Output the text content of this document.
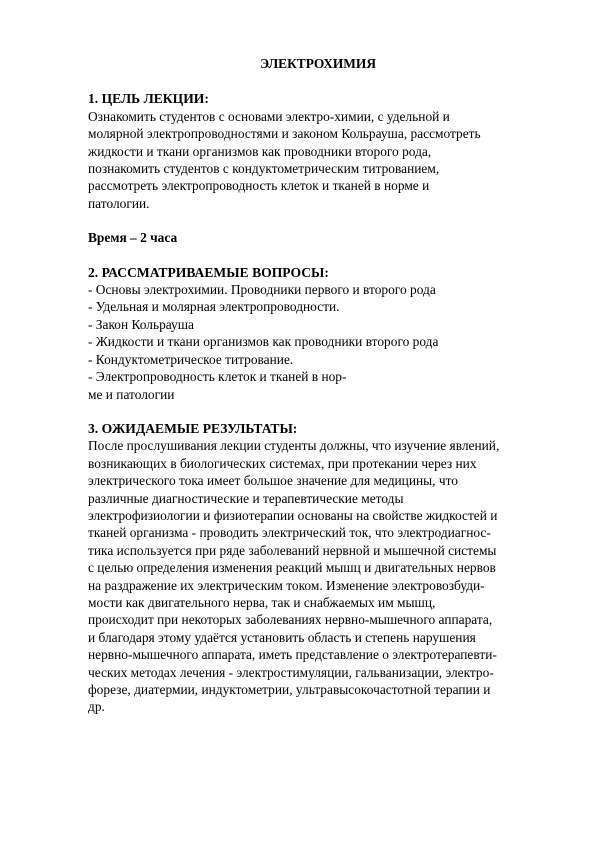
ЭЛЕКТРОХИМИЯ
1. ЦЕЛЬ ЛЕКЦИИ:
Ознакомить студентов с основами электро-химии, с удельной и
молярной электропроводностями и законом Кольрауша, рассмотреть
жидкости и ткани организмов как проводники второго рода,
познакомить студентов с кондуктометрическим титрованием,
рассмотреть электропроводность клеток и тканей в норме и
патологии.
Время – 2 часа
2. РАССМАТРИВАЕМЫЕ ВОПРОСЫ:
- Основы электрохимии. Проводники первого и второго рода
- Удельная и молярная электропроводности.
- Закон Кольрауша
- Жидкости и ткани организмов как проводники второго рода
- Кондуктометрическое титрование.
- Электропроводность клеток и тканей в нор-
ме и патологии
3. ОЖИДАЕМЫЕ РЕЗУЛЬТАТЫ:
После прослушивания лекции студенты должны, что изучение явлений,
возникающих в биологических системах, при протекании через них
электрического тока имеет большое значение для медицины, что
различные диагностические и терапевтические методы
электрофизиологии и физиотерапии основаны на свойстве жидкостей и
тканей организма - проводить электрический ток, что электродиагнос-
тика используется при ряде заболеваний нервной и мышечной системы
с целью определения изменения реакций мышц и двигательных нервов
на раздражение их электрическим током. Изменение электровозбуди-
мости как двигательного нерва, так и снабжаемых им мышц,
происходит при некоторых заболеваниях нервно-мышечного аппарата,
и благодаря этому удаётся установить область и степень нарушения
нервно-мышечного аппарата, иметь представление о электротерапевти-
ческих методах лечения - электростимуляции, гальванизации, электро-
форезе, диатермии, индуктометрии, ультравысокочастотной терапии и
др.
